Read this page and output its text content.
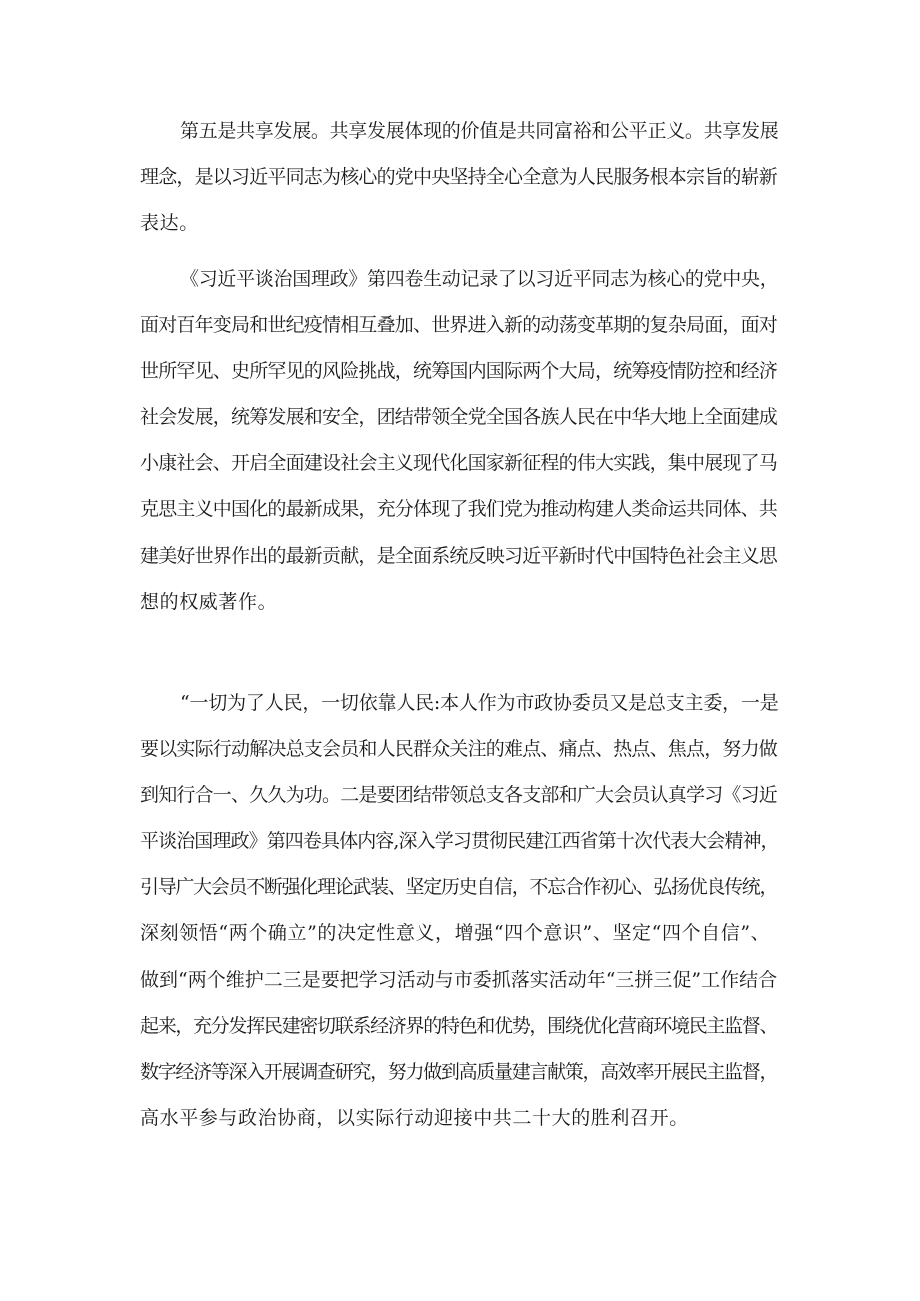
第五是共享发展。共享发展体现的价值是共同富裕和公平正义。共享发展
理念，是以习近平同志为核心的党中央坚持全心全意为人民服务根本宗旨的崭新
表达。
《习近平谈治国理政》第四卷生动记录了以习近平同志为核心的党中央，
面对百年变局和世纪疫情相互叠加、世界进入新的动荡变革期的复杂局面，面对
世所罕见、史所罕见的风险挑战，统筹国内国际两个大局，统筹疫情防控和经济
社会发展，统筹发展和安全，团结带领全党全国各族人民在中华大地上全面建成
小康社会、开启全面建设社会主义现代化国家新征程的伟大实践，集中展现了马
克思主义中国化的最新成果，充分体现了我们党为推动构建人类命运共同体、共
建美好世界作出的最新贡献，是全面系统反映习近平新时代中国特色社会主义思
想的权威著作。
“一切为了人民，一切依靠人民:本人作为市政协委员又是总支主委，一是
要以实际行动解决总支会员和人民群众关注的难点、痛点、热点、焦点，努力做
到知行合一、久久为功。二是要团结带领总支各支部和广大会员认真学习《习近
平谈治国理政》第四卷具体内容,深入学习贯彻民建江西省第十次代表大会精神，
引导广大会员不断强化理论武装、坚定历史自信，不忘合作初心、弘扬优良传统，
深刻领悟“两个确立”的决定性意义，增强“四个意识”、坚定“四个自信”、
做到“两个维护二三是要把学习活动与市委抓落实活动年“三拼三促”工作结合
起来，充分发挥民建密切联系经济界的特色和优势，围绕优化营商环境民主监督、
数字经济等深入开展调查研究，努力做到高质量建言献策，高效率开展民主监督，
高水平参与政治协商，以实际行动迎接中共二十大的胜利召开。
